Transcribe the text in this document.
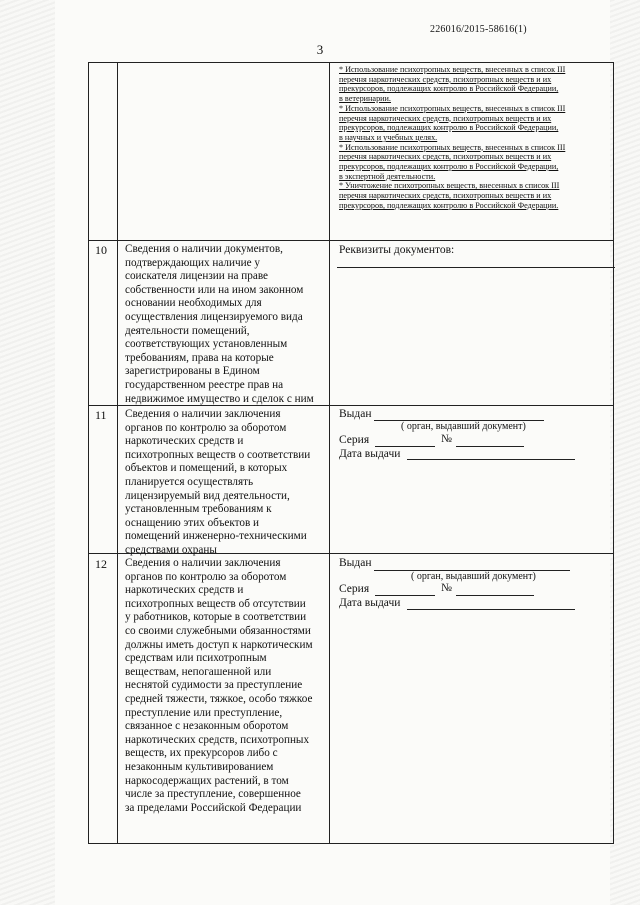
226016/2015-58616(1)
3
* Использование психотропных веществ, внесенных в список III
перечня наркотических средств, психотропных веществ и их
прекурсоров, подлежащих контролю в Российской Федерации,
в ветеринарии.
* Использование психотропных веществ, внесенных в список III
перечня наркотических средств, психотропных веществ и их
прекурсоров, подлежащих контролю в Российской Федерации,
в научных и учебных целях.
* Использование психотропных веществ, внесенных в список III
перечня наркотических средств, психотропных веществ и их
прекурсоров, подлежащих контролю в Российской Федерации,
в экспертной деятельности.
* Уничтожение психотропных веществ, внесенных в список III
перечня наркотических средств, психотропных веществ и их
прекурсоров, подлежащих контролю в Российской Федерации.
10 Сведения о наличии документов,
подтверждающих наличие у
соискателя лицензии на праве
собственности или на ином законном
основании необходимых для
осуществления лицензируемого вида
деятельности помещений,
соответствующих установленным
требованиям, права на которые
зарегистрированы в Едином
государственном реестре прав на
недвижимое имущество и сделок с ним
Реквизиты документов:
11 Сведения о наличии заключения
органов по контролю за оборотом
наркотических средств и
психотропных веществ о соответствии
объектов и помещений, в которых
планируется осуществлять
лицензируемый вид деятельности,
установленным требованиям к
оснащению этих объектов и
помещений инженерно-техническими
средствами охраны
Выдан
( орган, выдавший документ)
Серия	№
Дата выдачи
12 Сведения о наличии заключения
органов по контролю за оборотом
наркотических средств и
психотропных веществ об отсутствии
у работников, которые в соответствии
со своими служебными обязанностями
должны иметь доступ к наркотическим
средствам или психотропным
веществам, непогашенной или
неснятой судимости за преступление
средней тяжести, тяжкое, особо тяжкое
преступление или преступление,
связанное с незаконным оборотом
наркотических средств, психотропных
веществ, их прекурсоров либо с
незаконным культивированием
наркосодержащих растений, в том
числе за преступление, совершенное
за пределами Российской Федерации
Выдан
( орган, выдавший документ)
Серия	№
Дата выдачи
